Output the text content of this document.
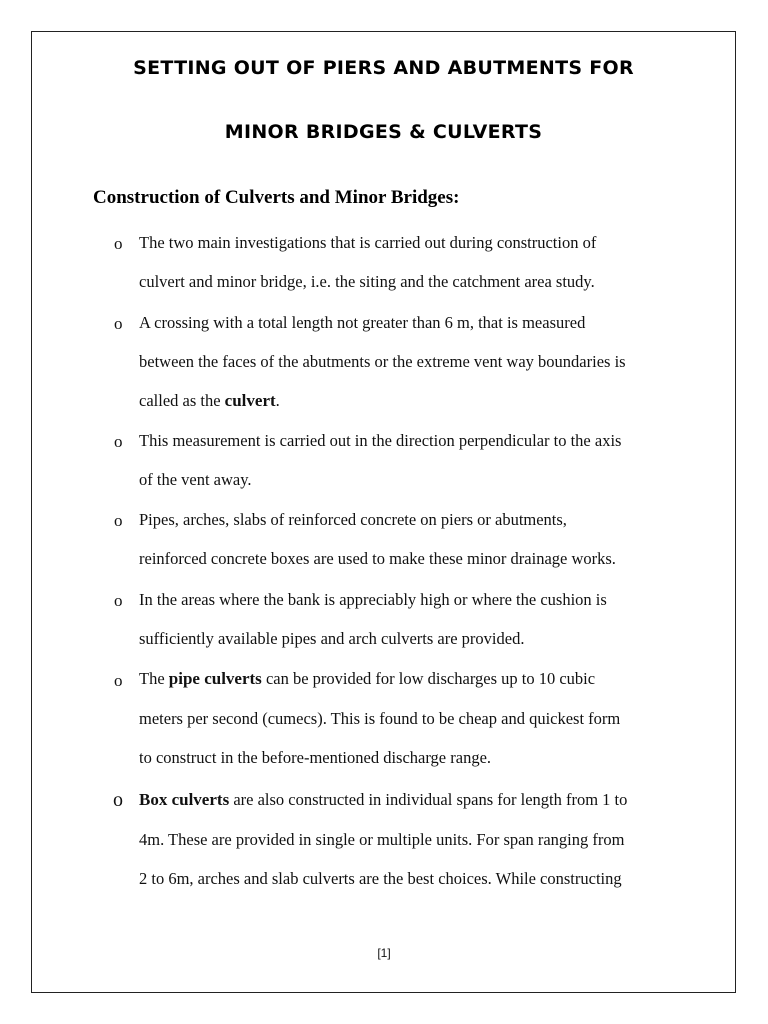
SETTING OUT OF PIERS AND ABUTMENTS FOR
MINOR BRIDGES & CULVERTS
Construction of Culverts and Minor Bridges:
o The two main investigations that is carried out during construction of
culvert and minor bridge, i.e. the siting and the catchment area study.
o A crossing with a total length not greater than 6 m, that is measured
between the faces of the abutments or the extreme vent way boundaries is
called as the culvert.
o This measurement is carried out in the direction perpendicular to the axis
of the vent away.
o Pipes, arches, slabs of reinforced concrete on piers or abutments,
reinforced concrete boxes are used to make these minor drainage works.
o In the areas where the bank is appreciably high or where the cushion is
sufficiently available pipes and arch culverts are provided.
o The pipe culverts can be provided for low discharges up to 10 cubic
meters per second (cumecs). This is found to be cheap and quickest form
to construct in the before-mentioned discharge range.
o Box culverts are also constructed in individual spans for length from 1 to
4m. These are provided in single or multiple units. For span ranging from
2 to 6m, arches and slab culverts are the best choices. While constructing
[1]
